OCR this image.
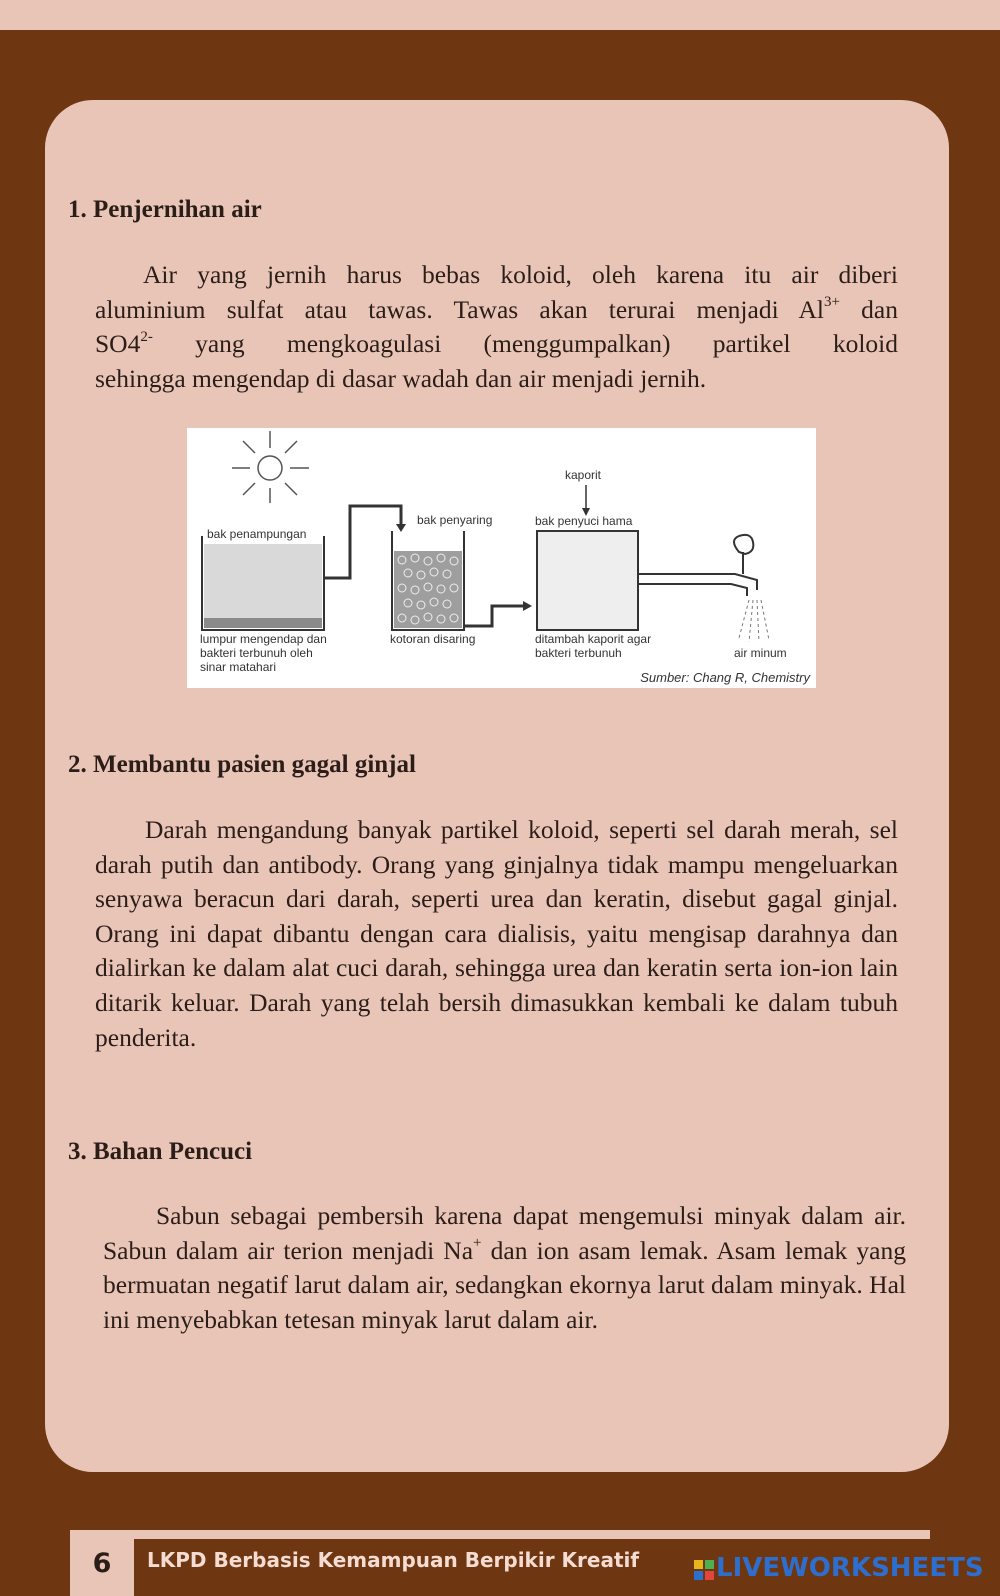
1. Penjernihan air
Air yang jernih harus bebas koloid, oleh karena itu air diberi
aluminium sulfat atau tawas. Tawas akan terurai menjadi $Al^{3+}$ dan
$SO4^{2-}$ yang mengkoagulasi (menggumpalkan) partikel koloid
sehingga mengendap di dasar wadah dan air menjadi jernih.
kaporit
bak penyaring	bak penyuci hama
bak penampungan
lumpur mengendap dan
bakteri terbunuh oleh
sinar matahari
kotoran disaring	ditambah kaporit agar
bakteri terbunuh	air minum
Sumber: Chang R, Chemistry
2. Membantu pasien gagal ginjal

Darah mengandung banyak partikel koloid, seperti sel darah merah, sel darah putih dan antibody. Orang yang ginjalnya tidak mampu mengeluarkan senyawa beracun dari darah, seperti urea dan keratin, disebut gagal ginjal. Orang ini dapat dibantu dengan cara dialisis, yaitu mengisap darahnya dan dialirkan ke dalam alat cuci darah, sehingga urea dan keratin serta ion-ion lain ditarik keluar. Darah yang telah bersih dimasukkan kembali ke dalam tubuh penderita.

3. Bahan Pencuci

Sabun sebagai pembersih karena dapat mengemulsi minyak dalam air. Sabun dalam air terion menjadi Na+ dan ion asam lemak. Asam lemak yang bermuatan negatif larut dalam air, sedangkan ekornya larut dalam minyak. Hal ini menyebabkan tetesan minyak larut dalam air.

6	LKPD Berbasis Kemampuan Berpikir Kreatif	LIVEWORKSHEETS
